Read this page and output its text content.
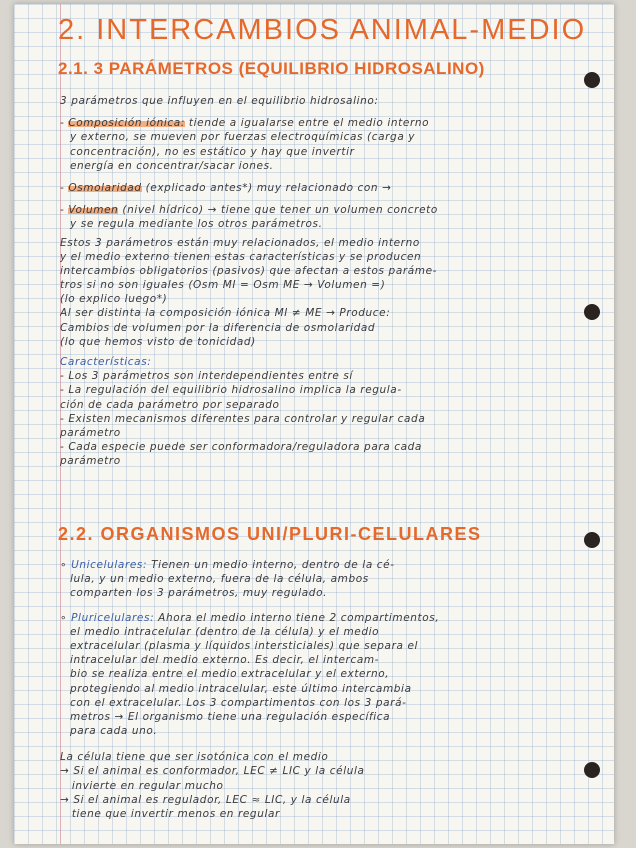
2. INTERCAMBIOS ANIMAL-MEDIO
2.1. 3 PARÁMETROS (EQUILIBRIO HIDROSALINO)
3 parámetros que influyen en el equilibrio hidrosalino:
- Composición iónica: tiende a igualarse entre el medio interno
y externo, se mueven por fuerzas electroquímicas (carga y
concentración), no es estático y hay que invertir
energía en concentrar/sacar iones.
- Osmolaridad (explicado antes*) muy relacionado con →
- Volumen (nivel hídrico) → tiene que tener un volumen concreto
y se regula mediante los otros parámetros.
Estos 3 parámetros están muy relacionados, el medio interno
y el medio externo tienen estas características y se producen
intercambios obligatorios (pasivos) que afectan a estos paráme-
tros si no son iguales (Osm MI = Osm ME → Volumen =)
(lo explico luego*)
Al ser distinta la composición iónica MI ≠ ME → Produce:
Cambios de volumen por la diferencia de osmolaridad
(lo que hemos visto de tonicidad)
Características:
- Los 3 parámetros son interdependientes entre sí
- La regulación del equilibrio hidrosalino implica la regula-
ción de cada parámetro por separado
- Existen mecanismos diferentes para controlar y regular cada
parámetro
- Cada especie puede ser conformadora/reguladora para cada
parámetro
2.2. ORGANISMOS UNI/PLURI-CELULARES
∘ Unicelulares: Tienen un medio interno, dentro de la cé-
lula, y un medio externo, fuera de la célula, ambos
comparten los 3 parámetros, muy regulado.
∘ Pluricelulares: Ahora el medio interno tiene 2 compartimentos,
el medio intracelular (dentro de la célula) y el medio
extracelular (plasma y líquidos intersticiales) que separa el
intracelular del medio externo. Es decir, el intercam-
bio se realiza entre el medio extracelular y el externo,
protegiendo al medio intracelular, este último intercambia
con el extracelular. Los 3 compartimentos con los 3 pará-
metros → El organismo tiene una regulación específica
para cada uno.
La célula tiene que ser isotónica con el medio
→ Si el animal es conformador, LEC ≠ LIC y la célula
invierte en regular mucho
→ Si el animal es regulador, LEC ≈ LIC, y la célula
tiene que invertir menos en regular
